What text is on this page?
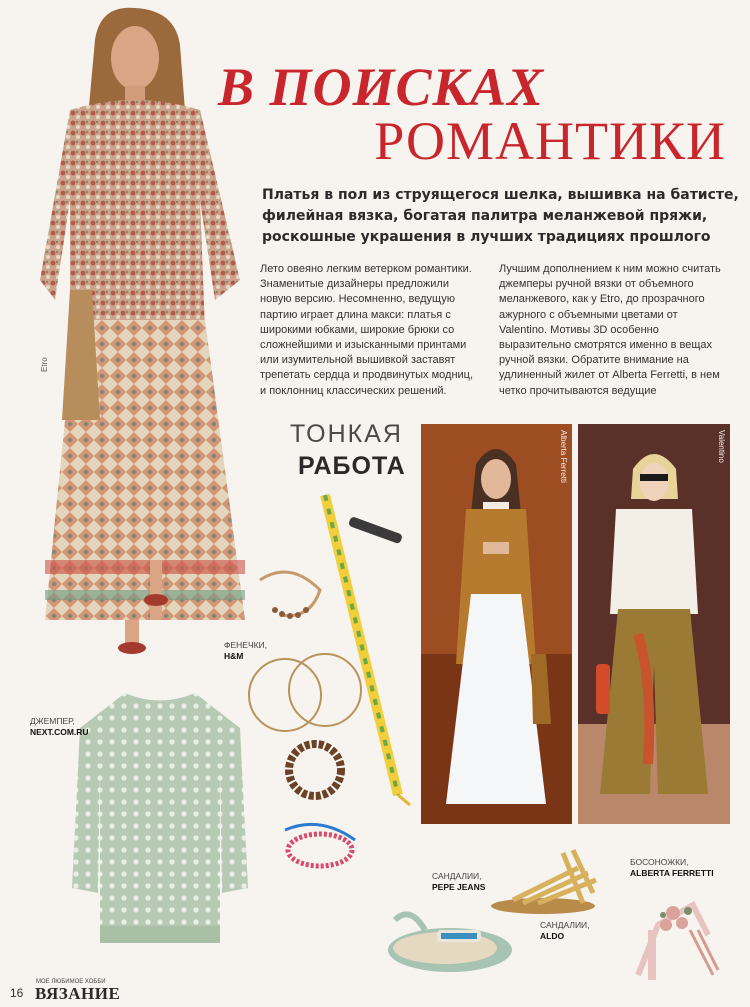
Etro
В ПОИСКАХ
РОМАНТИКИ
Платья в пол из струящегося шелка, вышивка на батисте, филейная вязка, богатая палитра меланжевой пряжи, роскошные украшения в лучших традициях прошлого
Лето овеяно легким ветерком романтики. Знаменитые дизайнеры предложили новую версию. Несомненно, ведущую партию играет длина макси: платья с широкими юбками, широкие брюки со сложнейшими и изысканными принтами или изумительной вышивкой заставят трепетать сердца и продвинутых модниц, и поклонниц классических решений.
Лучшим дополнением к ним можно считать джемперы ручной вязки от объемного меланжевого, как у Etro, до прозрачного ажурного с объемными цветами от Valentino. Мотивы 3D особенно выразительно смотрятся именно в вещах ручной вязки. Обратите внимание на удлиненный жилет от Alberta Ferretti, в нем четко прочитываются ведущие
ТОНКАЯ
РАБОТА	Alberta Ferretti	Valentino
ФЕНЕЧКИ,
H&M
ДЖЕМПЕР,
NEXT.COM.RU
САНДАЛИИ,
PEPE JEANS
САНДАЛИИ,
ALDO
БОСОНОЖКИ,
ALBERTA FERRETTI
16
МОЕ ЛЮБИМОЕ ХОББИ
ВЯЗАНИЕ
